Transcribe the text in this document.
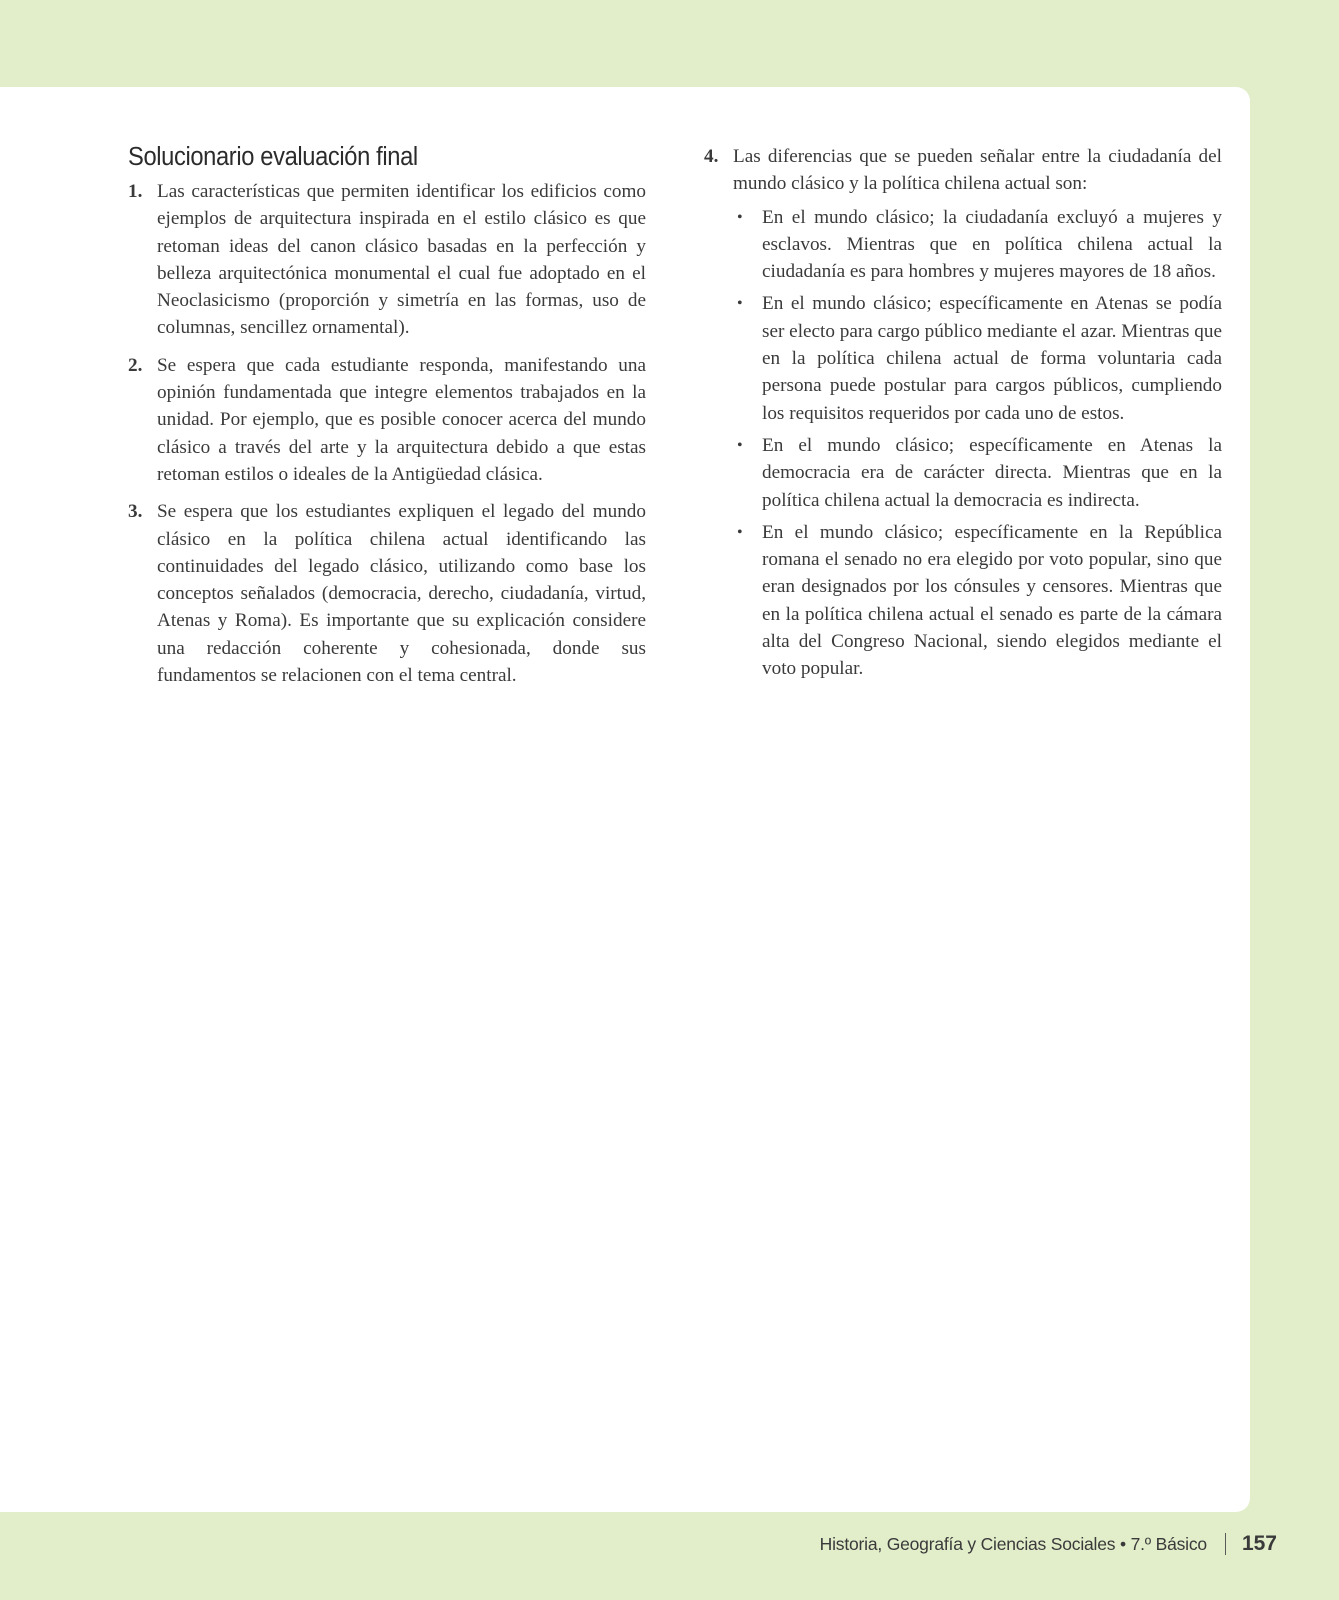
Solucionario evaluación final
1. Las características que permiten identificar los edificios como ejemplos de arquitectura inspirada en el estilo clásico es que retoman ideas del canon clásico basadas en la perfección y belleza arquitectónica monumental el cual fue adoptado en el Neoclasicismo (proporción y simetría en las formas, uso de columnas, sencillez ornamental).
2. Se espera que cada estudiante responda, manifestando una opinión fundamentada que integre elementos trabajados en la unidad. Por ejemplo, que es posible conocer acerca del mundo clásico a través del arte y la arquitectura debido a que estas retoman estilos o ideales de la Antigüedad clásica.
3. Se espera que los estudiantes expliquen el legado del mundo clásico en la política chilena actual identificando las continuidades del legado clásico, utilizando como base los conceptos señalados (democracia, derecho, ciudadanía, virtud, Atenas y Roma). Es importante que su explicación considere una redacción coherente y cohesionada, donde sus fundamentos se relacionen con el tema central.
4. Las diferencias que se pueden señalar entre la ciudadanía del mundo clásico y la política chilena actual son:
• En el mundo clásico; la ciudadanía excluyó a mujeres y esclavos. Mientras que en política chilena actual la ciudadanía es para hombres y mujeres mayores de 18 años.
• En el mundo clásico; específicamente en Atenas se podía ser electo para cargo público mediante el azar. Mientras que en la política chilena actual de forma voluntaria cada persona puede postular para cargos públicos, cumpliendo los requisitos requeridos por cada uno de estos.
• En el mundo clásico; específicamente en Atenas la democracia era de carácter directa. Mientras que en la política chilena actual la democracia es indirecta.
• En el mundo clásico; específicamente en la República romana el senado no era elegido por voto popular, sino que eran designados por los cónsules y censores. Mientras que en la política chilena actual el senado es parte de la cámara alta del Congreso Nacional, siendo elegidos mediante el voto popular.
Historia, Geografía y Ciencias Sociales • 7.º Básico 157
